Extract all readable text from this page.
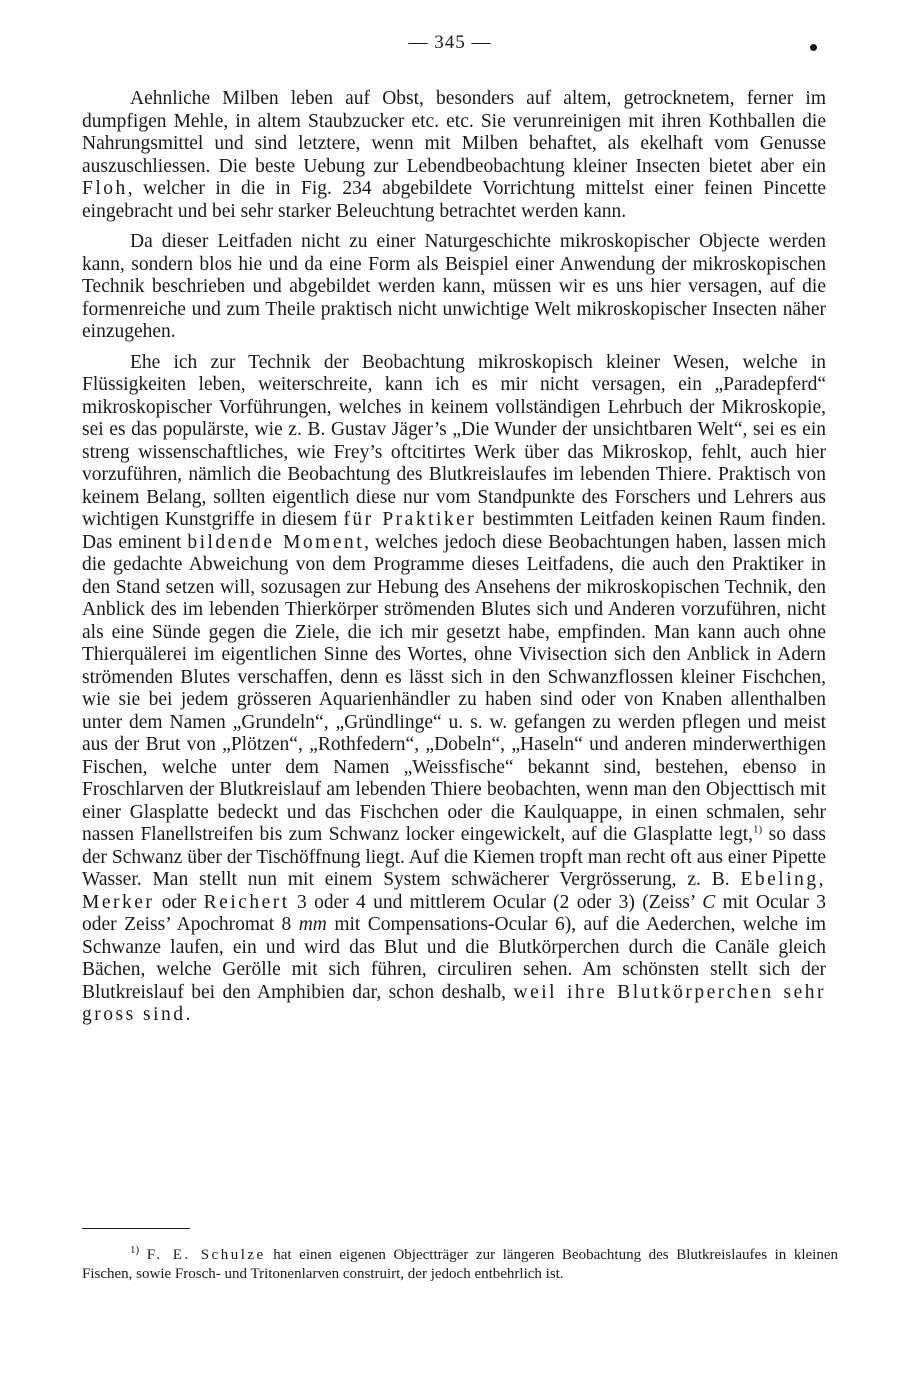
— 345 —

Aehnliche Milben leben auf Obst, besonders auf altem, getrocknetem, ferner im dumpfigen Mehle, in altem Staubzucker etc. etc. Sie verunreinigen mit ihren Kothballen die Nahrungsmittel und sind letztere, wenn mit Milben behaftet, als ekelhaft vom Genusse auszuschliessen. Die beste Uebung zur Lebendbeobachtung kleiner Insecten bietet aber ein Floh, welcher in die in Fig. 234 abgebildete Vorrichtung mittelst einer feinen Pincette eingebracht und bei sehr starker Beleuchtung betrachtet werden kann.

Da dieser Leitfaden nicht zu einer Naturgeschichte mikroskopischer Objecte werden kann, sondern blos hie und da eine Form als Beispiel einer Anwendung der mikroskopischen Technik beschrieben und abgebildet werden kann, müssen wir es uns hier versagen, auf die formenreiche und zum Theile praktisch nicht unwichtige Welt mikroskopischer Insecten näher einzugehen.

Ehe ich zur Technik der Beobachtung mikroskopisch kleiner Wesen, welche in Flüssigkeiten leben, weiterschreite, kann ich es mir nicht versagen, ein „Paradepferd“ mikroskopischer Vorführungen, welches in keinem vollständigen Lehrbuch der Mikroskopie, sei es das populärste, wie z. B. Gustav Jäger’s „Die Wunder der unsichtbaren Welt“, sei es ein streng wissenschaftliches, wie Frey’s oftcitirtes Werk über das Mikroskop, fehlt, auch hier vorzuführen, nämlich die Beobachtung des Blutkreislaufes im lebenden Thiere. Praktisch von keinem Belang, sollten eigentlich diese nur vom Standpunkte des Forschers und Lehrers aus wichtigen Kunstgriffe in diesem für Praktiker bestimmten Leitfaden keinen Raum finden. Das eminent bildende Moment, welches jedoch diese Beobachtungen haben, lassen mich die gedachte Abweichung von dem Programme dieses Leitfadens, die auch den Praktiker in den Stand setzen will, sozusagen zur Hebung des Ansehens der mikroskopischen Technik, den Anblick des im lebenden Thierkörper strömenden Blutes sich und Anderen vorzuführen, nicht als eine Sünde gegen die Ziele, die ich mir gesetzt habe, empfinden. Man kann auch ohne Thierquälerei im eigentlichen Sinne des Wortes, ohne Vivisection sich den Anblick in Adern strömenden Blutes verschaffen, denn es lässt sich in den Schwanzflossen kleiner Fischchen, wie sie bei jedem grösseren Aquarienhändler zu haben sind oder von Knaben allenthalben unter dem Namen „Grundeln“, „Gründlinge“ u. s. w. gefangen zu werden pflegen und meist aus der Brut von „Plötzen“, „Rothfedern“, „Dobeln“, „Haseln“ und anderen minderwerthigen Fischen, welche unter dem Namen „Weissfische“ bekannt sind, bestehen, ebenso in Froschlarven der Blutkreislauf am lebenden Thiere beobachten, wenn man den Objecttisch mit einer Glasplatte bedeckt und das Fischchen oder die Kaulquappe, in einen schmalen, sehr nassen Flanellstreifen bis zum Schwanz locker eingewickelt, auf die Glasplatte legt,$^{1)}$ so dass der Schwanz über der Tischöffnung liegt. Auf die Kiemen tropft man recht oft aus einer Pipette Wasser. Man stellt nun mit einem System schwächerer Vergrösserung, z. B. Ebeling, Merker oder Reichert 3 oder 4 und mittlerem Ocular (2 oder 3) (Zeiss’ C mit Ocular 3 oder Zeiss’ Apochromat 8 mm mit Compensations-Ocular 6), auf die Aederchen, welche im Schwanze laufen, ein und wird das Blut und die Blutkörperchen durch die Canäle gleich Bächen, welche Gerölle mit sich führen, circuliren sehen. Am schönsten stellt sich der Blutkreislauf bei den Amphibien dar, schon deshalb, weil ihre Blutkörperchen sehr gross sind.

$^{1)}$ F. E. Schulze hat einen eigenen Objectträger zur längeren Beobachtung des Blutkreislaufes in kleinen Fischen, sowie Frosch- und Tritonenlarven construirt, der jedoch entbehrlich ist.
